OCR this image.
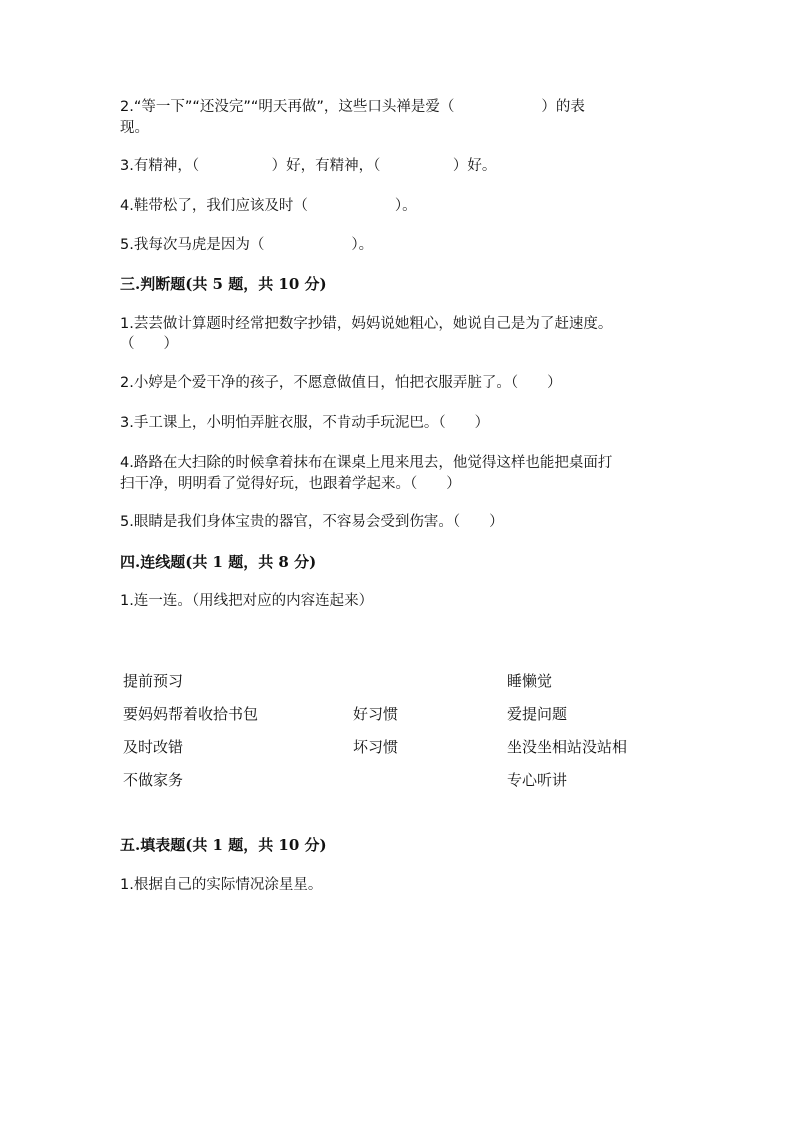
2.“等一下”“还没完”“明天再做”，这些口头禅是爱（　　　　　　）的表
现。
3.有精神，（　　　　　）好，有精神，（　　　　　）好。
4.鞋带松了，我们应该及时（　　　　　　）。
5.我每次马虎是因为（　　　　　　）。
三.判断题(共 5 题，共 10 分)
1.芸芸做计算题时经常把数字抄错，妈妈说她粗心，她说自己是为了赶速度。
（　　）
2.小婷是个爱干净的孩子，不愿意做值日，怕把衣服弄脏了。（　　）
3.手工课上，小明怕弄脏衣服，不肯动手玩泥巴。（　　）
4.路路在大扫除的时候拿着抹布在课桌上甩来甩去，他觉得这样也能把桌面打
扫干净，明明看了觉得好玩，也跟着学起来。（　　）
5.眼睛是我们身体宝贵的器官，不容易会受到伤害。（　　）
四.连线题(共 1 题，共 8 分)
1.连一连。（用线把对应的内容连起来）
提前预习
要妈妈帮着收拾书包
及时改错
不做家务
好习惯
坏习惯
睡懒觉
爱提问题
坐没坐相站没站相
专心听讲
五.填表题(共 1 题，共 10 分)
1.根据自己的实际情况涂星星。
